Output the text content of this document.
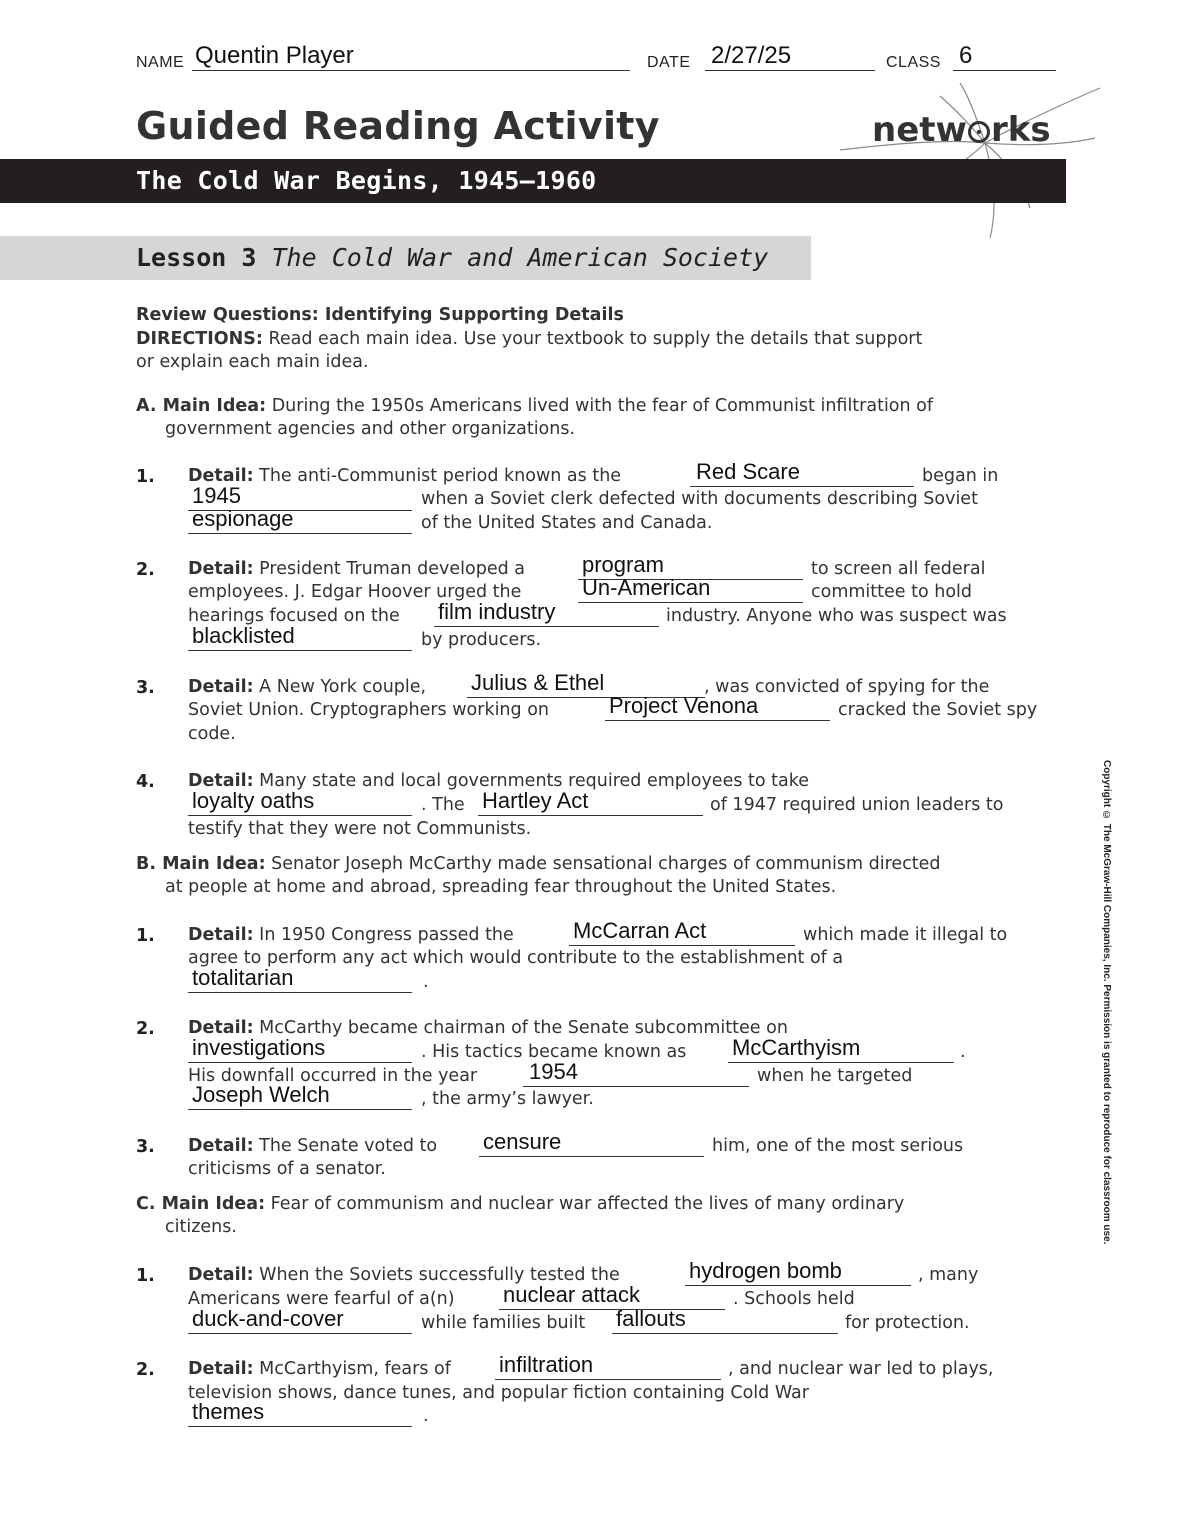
NAME Quentin Player	DATE 2/27/25	CLASS 6
Guided Reading Activity	netw rks
The Cold War Begins, 1945–1960
Lesson 3 The Cold War and American Society
Review Questions: Identifying Supporting Details
DIRECTIONS: Read each main idea. Use your textbook to supply the details that support
or explain each main idea.
A. Main Idea: During the 1950s Americans lived with the fear of Communist infiltration of
government agencies and other organizations.
1. Detail: The anti-Communist period known as the	Red Scare	began in
1945	when a Soviet clerk defected with documents describing Soviet
espionage	of the United States and Canada.
2. Detail: President Truman developed a	program	to screen all federal
employees. J. Edgar Hoover urged the	Un-American	committee to hold
hearings focused on the film industry	industry. Anyone who was suspect was
blacklisted	by producers.
3. Detail: A New York couple, Julius & Ethel	, was convicted of spying for the
Soviet Union. Cryptographers working on	Project Venona	cracked the Soviet spy
code.
4. Detail: Many state and local governments required employees to take
loyalty oaths	. The Hartley Act	of 1947 required union leaders to
testify that they were not Communists.
B. Main Idea: Senator Joseph McCarthy made sensational charges of communism directed
at people at home and abroad, spreading fear throughout the United States.
1. Detail: In 1950 Congress passed the	McCarran Act	which made it illegal to
agree to perform any act which would contribute to the establishment of a
totalitarian	.
2. Detail: McCarthy became chairman of the Senate subcommittee on
investigations	. His tactics became known as McCarthyism	.
His downfall occurred in the year 1954	when he targeted
Joseph Welch	, the army’s lawyer.
3. Detail: The Senate voted to censure	him, one of the most serious
criticisms of a senator.
C. Main Idea: Fear of communism and nuclear war affected the lives of many ordinary
citizens.
1. Detail: When the Soviets successfully tested the	hydrogen bomb	, many
Americans were fearful of a(n) nuclear attack	. Schools held
duck-and-cover	while families built fallouts	for protection.
2. Detail: McCarthyism, fears of infiltration	, and nuclear war led to plays,
television shows, dance tunes, and popular fiction containing Cold War
themes	.
Copyright © The McGraw-Hill Companies, Inc. Permission is granted to reproduce for classroom use.
